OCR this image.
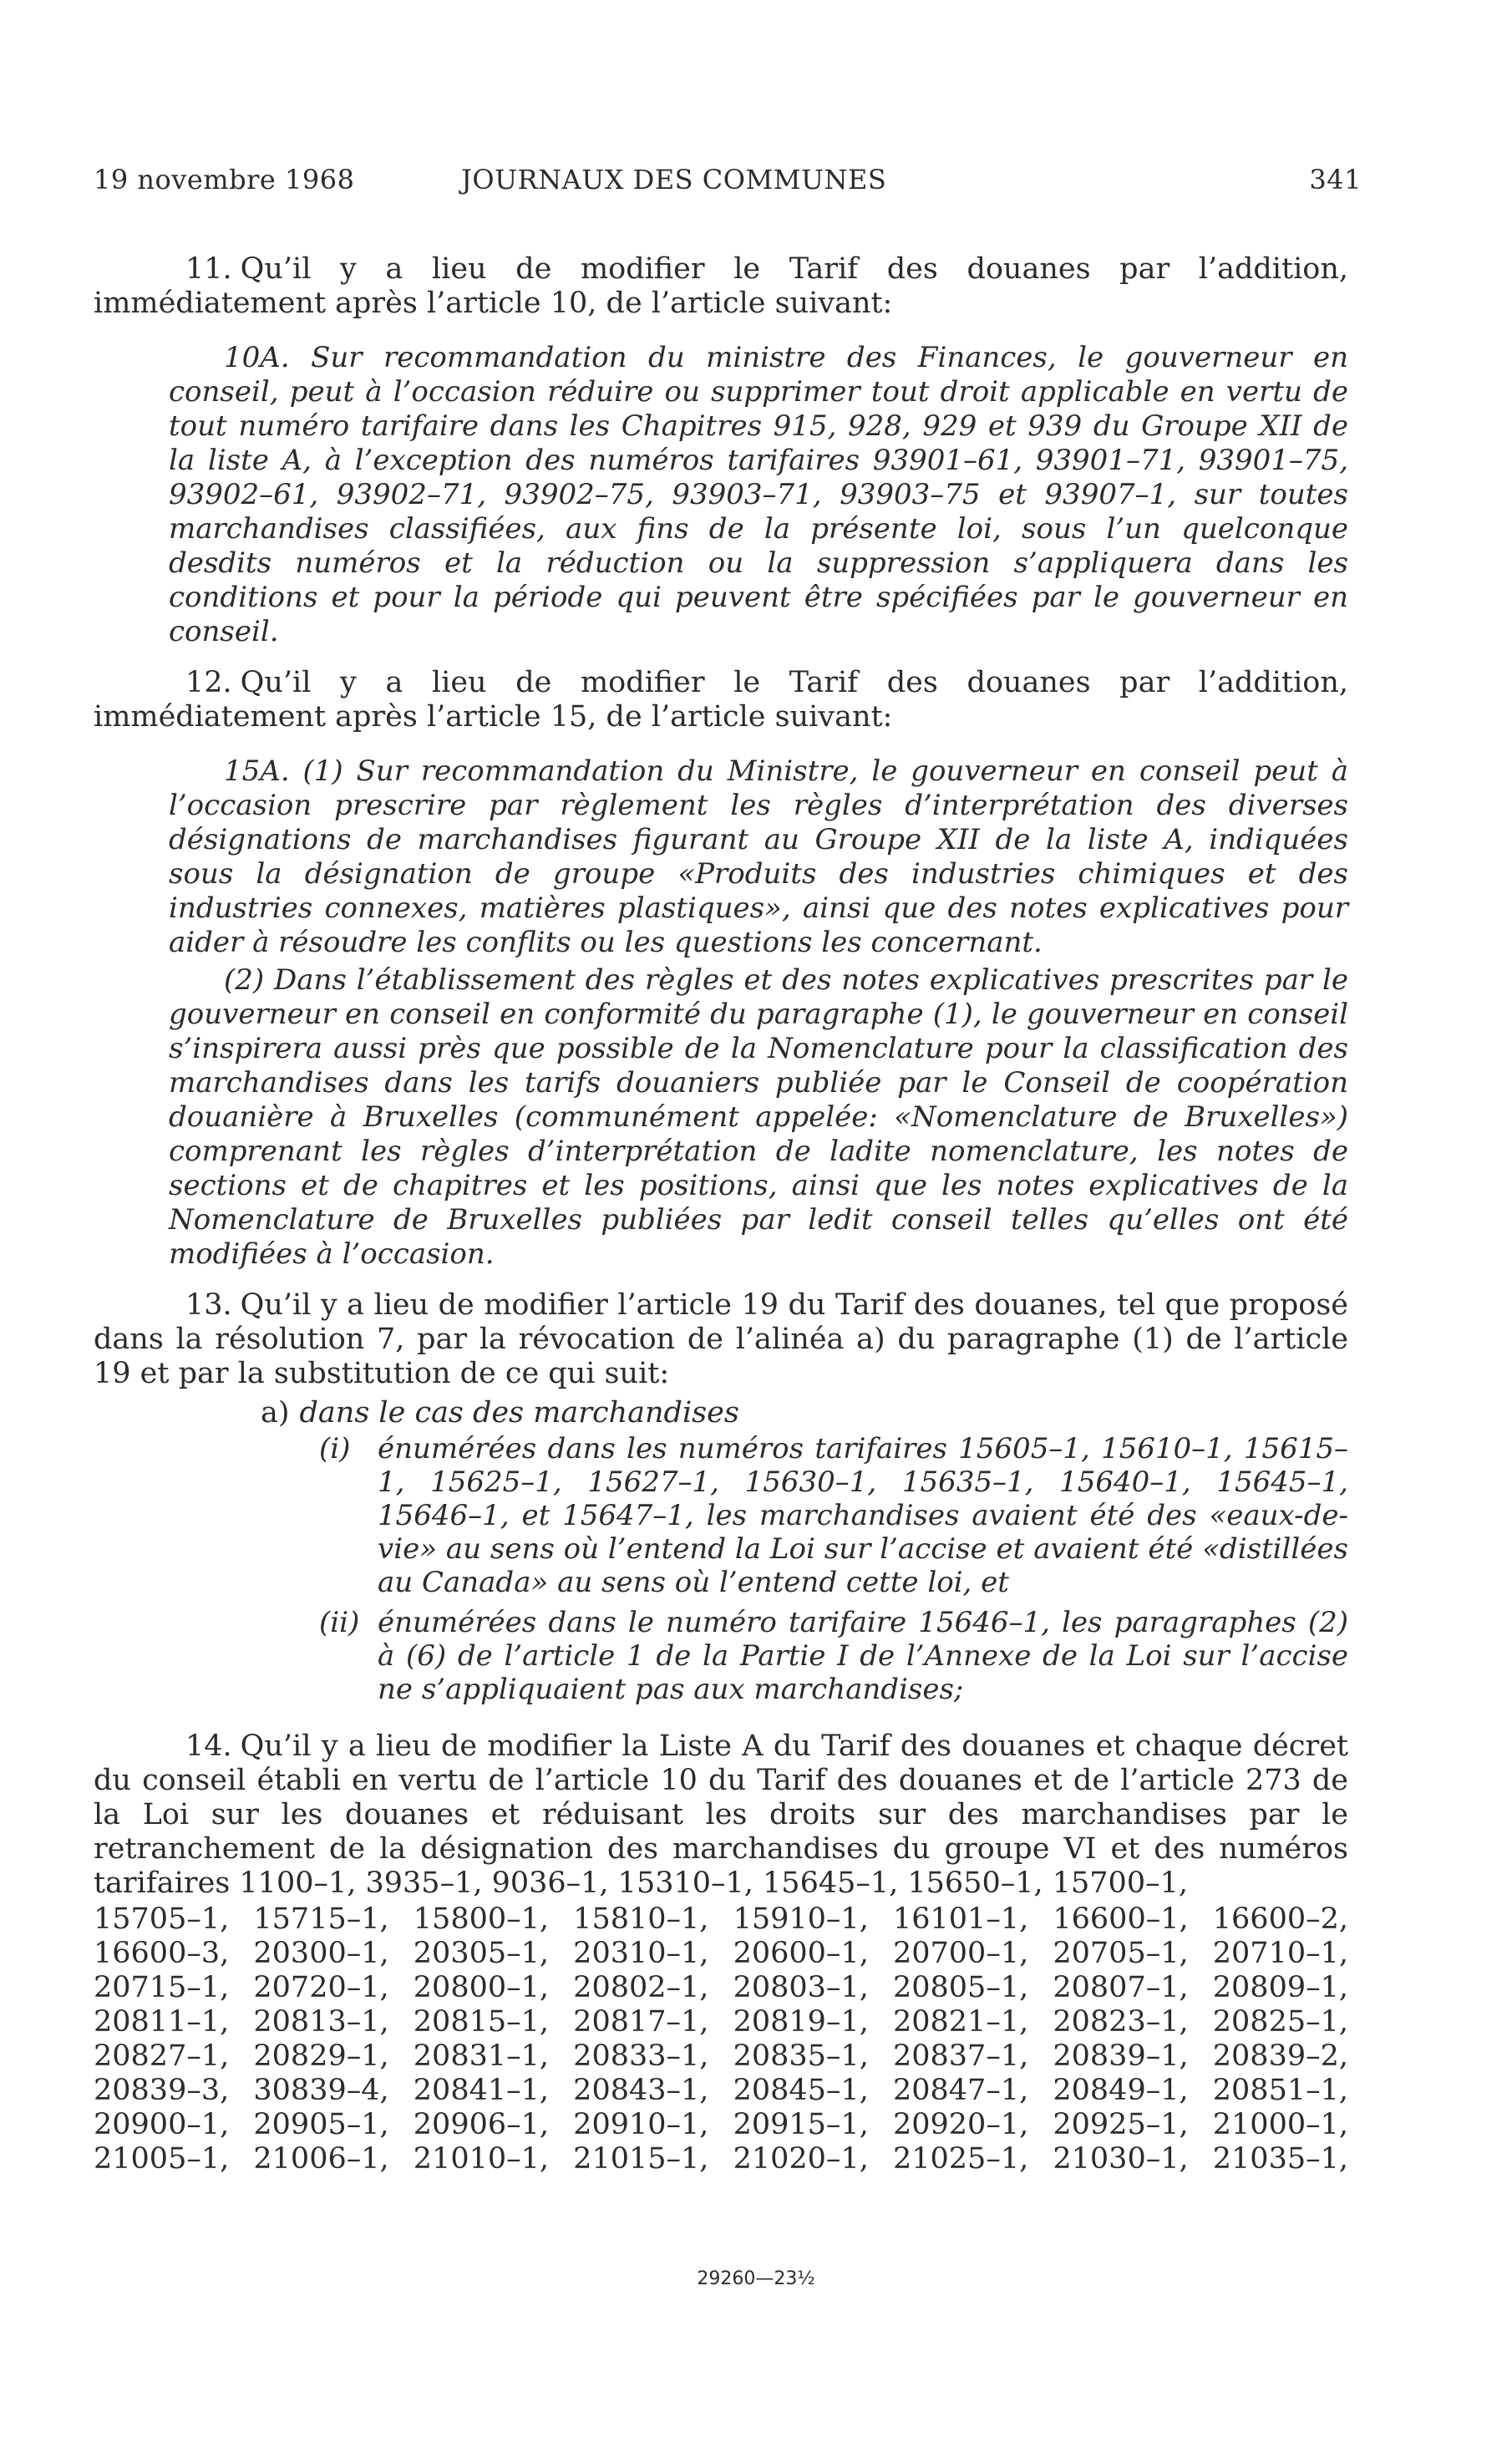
19 novembre 1968	JOURNAUX DES COMMUNES	341

11. Qu’il y a lieu de modifier le Tarif des douanes par l’addition, immédiatement après l’article 10, de l’article suivant:

10A. Sur recommandation du ministre des Finances, le gouverneur en conseil, peut à l’occasion réduire ou supprimer tout droit applicable en vertu de tout numéro tarifaire dans les Chapitres 915, 928, 929 et 939 du Groupe XII de la liste A, à l’exception des numéros tarifaires 93901–61, 93901–71, 93901–75, 93902–61, 93902–71, 93902–75, 93903–71, 93903–75 et 93907–1, sur toutes marchandises classifiées, aux fins de la présente loi, sous l’un quelconque desdits numéros et la réduction ou la suppression s’appliquera dans les conditions et pour la période qui peuvent être spécifiées par le gouverneur en conseil.

12. Qu’il y a lieu de modifier le Tarif des douanes par l’addition, immédiatement après l’article 15, de l’article suivant:

15A. (1) Sur recommandation du Ministre, le gouverneur en conseil peut à l’occasion prescrire par règlement les règles d’interprétation des diverses désignations de marchandises figurant au Groupe XII de la liste A, indiquées sous la désignation de groupe «Produits des industries chimiques et des industries connexes, matières plastiques», ainsi que des notes explicatives pour aider à résoudre les conflits ou les questions les concernant.

(2) Dans l’établissement des règles et des notes explicatives prescrites par le gouverneur en conseil en conformité du paragraphe (1), le gouverneur en conseil s’inspirera aussi près que possible de la Nomenclature pour la classification des marchandises dans les tarifs douaniers publiée par le Conseil de coopération douanière à Bruxelles (communément appelée: «Nomenclature de Bruxelles») comprenant les règles d’interprétation de ladite nomenclature, les notes de sections et de chapitres et les positions, ainsi que les notes explicatives de la Nomenclature de Bruxelles publiées par ledit conseil telles qu’elles ont été modifiées à l’occasion.

13. Qu’il y a lieu de modifier l’article 19 du Tarif des douanes, tel que proposé dans la résolution 7, par la révocation de l’alinéa a) du paragraphe (1) de l’article 19 et par la substitution de ce qui suit:

a) dans le cas des marchandises
(i) énumérées dans les numéros tarifaires 15605–1, 15610–1, 15615–1, 15625–1, 15627–1, 15630–1, 15635–1, 15640–1, 15645–1, 15646–1, et 15647–1, les marchandises avaient été des «eaux-de-vie» au sens où l’entend la Loi sur l’accise et avaient été «distillées au Canada» au sens où l’entend cette loi, et
(ii) énumérées dans le numéro tarifaire 15646–1, les paragraphes (2) à (6) de l’article 1 de la Partie I de l’Annexe de la Loi sur l’accise ne s’appliquaient pas aux marchandises;

14. Qu’il y a lieu de modifier la Liste A du Tarif des douanes et chaque décret du conseil établi en vertu de l’article 10 du Tarif des douanes et de l’article 273 de la Loi sur les douanes et réduisant les droits sur des marchandises par le retranchement de la désignation des marchandises du groupe VI et des numéros tarifaires 1100–1, 3935–1, 9036–1, 15310–1, 15645–1, 15650–1, 15700–1,

15705–1, 15715–1, 15800–1, 15810–1, 15910–1, 16101–1, 16600–1, 16600–2, 16600–3, 20300–1, 20305–1, 20310–1, 20600–1, 20700–1, 20705–1, 20710–1, 20715–1, 20720–1, 20800–1, 20802–1, 20803–1, 20805–1, 20807–1, 20809–1, 20811–1, 20813–1, 20815–1, 20817–1, 20819–1, 20821–1, 20823–1, 20825–1, 20827–1, 20829–1, 20831–1, 20833–1, 20835–1, 20837–1, 20839–1, 20839–2, 20839–3, 30839–4, 20841–1, 20843–1, 20845–1, 20847–1, 20849–1, 20851–1, 20900–1, 20905–1, 20906–1, 20910–1, 20915–1, 20920–1, 20925–1, 21000–1, 21005–1, 21006–1, 21010–1, 21015–1, 21020–1, 21025–1, 21030–1, 21035–1,

29260—23½
